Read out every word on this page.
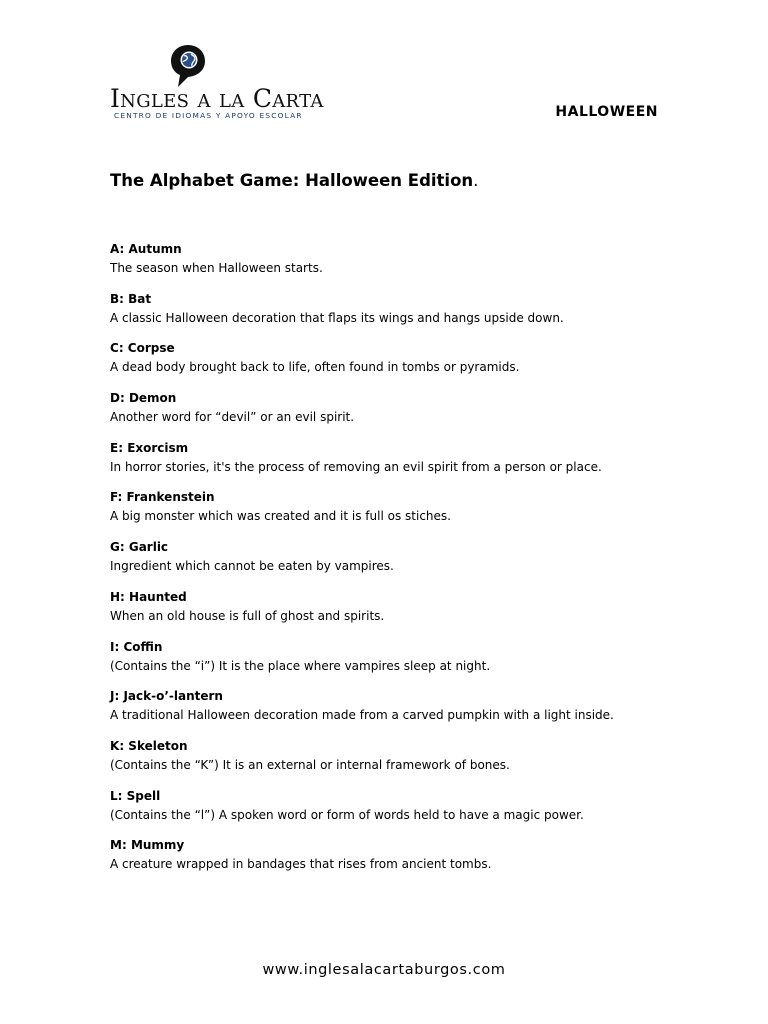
Ingles a la Carta
CENTRO DE IDIOMAS Y APOYO ESCOLAR	HALLOWEEN
The Alphabet Game: Halloween Edition.
A: Autumn
The season when Halloween starts.
B: Bat
A classic Halloween decoration that flaps its wings and hangs upside down.
C: Corpse
A dead body brought back to life, often found in tombs or pyramids.
D: Demon
Another word for “devil” or an evil spirit.
E: Exorcism
In horror stories, it's the process of removing an evil spirit from a person or place.
F: Frankenstein
A big monster which was created and it is full os stiches.
G: Garlic
Ingredient which cannot be eaten by vampires.
H: Haunted
When an old house is full of ghost and spirits.
I: Coffin
(Contains the “i”) It is the place where vampires sleep at night.
J: Jack-o’-lantern
A traditional Halloween decoration made from a carved pumpkin with a light inside.
K: Skeleton
(Contains the “K”) It is an external or internal framework of bones.
L: Spell
(Contains the “l”) A spoken word or form of words held to have a magic power.
M: Mummy
A creature wrapped in bandages that rises from ancient tombs.
www.inglesalacartaburgos.com
